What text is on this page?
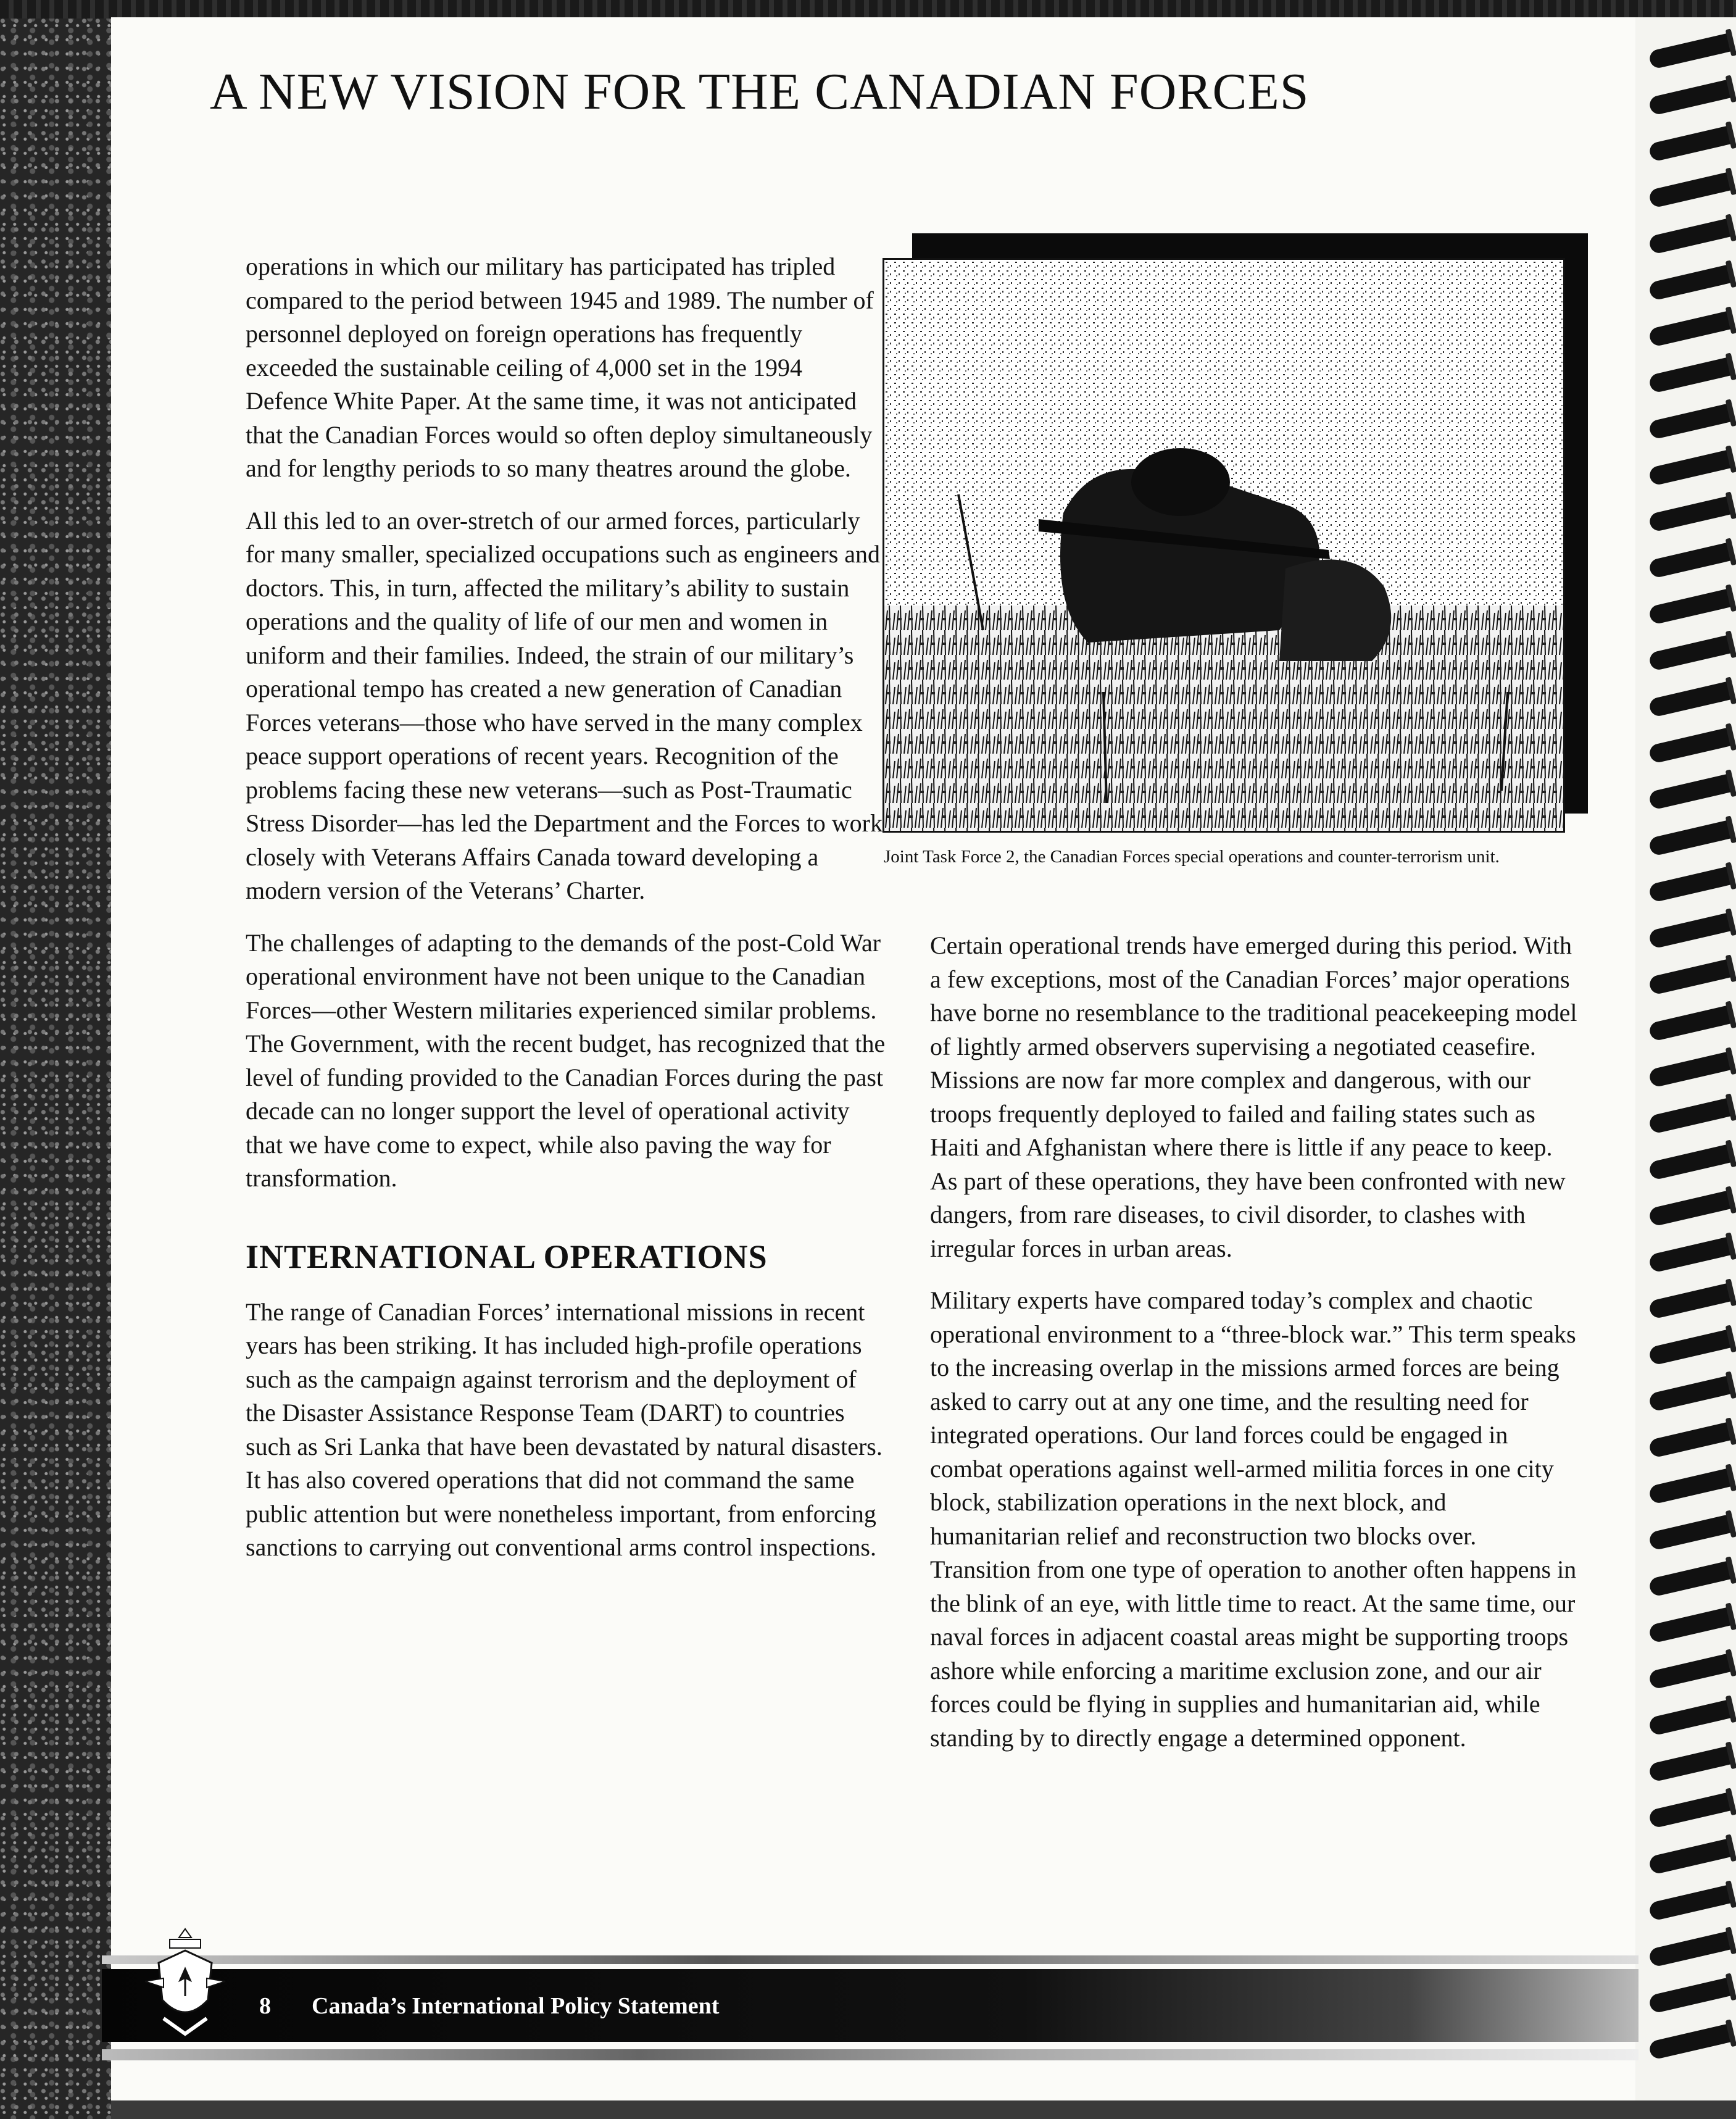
A NEW VISION FOR THE CANADIAN FORCES

operations in which our military has participated has tripled compared to the period between 1945 and 1989. The number of personnel deployed on foreign operations has frequently exceeded the sustainable ceiling of 4,000 set in the 1994 Defence White Paper. At the same time, it was not anticipated that the Canadian Forces would so often deploy simultaneously and for lengthy periods to so many theatres around the globe.

All this led to an over-stretch of our armed forces, particularly for many smaller, specialized occupations such as engineers and doctors. This, in turn, affected the military’s ability to sustain operations and the quality of life of our men and women in uniform and their families. Indeed, the strain of our military’s operational tempo has created a new generation of Canadian Forces veterans—those who have served in the many complex peace support operations of recent years. Recognition of the problems facing these new veterans—such as Post-Traumatic Stress Disorder—has led the Department and the Forces to work closely with Veterans Affairs Canada toward developing a modern version of the Veterans’ Charter.

The challenges of adapting to the demands of the post-Cold War operational environment have not been unique to the Canadian Forces—other Western militaries experienced similar problems. The Government, with the recent budget, has recognized that the level of funding provided to the Canadian Forces during the past decade can no longer support the level of operational activity that we have come to expect, while also paving the way for transformation.

INTERNATIONAL OPERATIONS

The range of Canadian Forces’ international missions in recent years has been striking. It has included high-profile operations such as the campaign against terrorism and the deployment of the Disaster Assistance Response Team (DART) to countries such as Sri Lanka that have been devastated by natural disasters. It has also covered operations that did not command the same public attention but were nonetheless important, from enforcing sanctions to carrying out conventional arms control inspections.

Joint Task Force 2, the Canadian Forces special operations and counter-terrorism unit.

Certain operational trends have emerged during this period. With a few exceptions, most of the Canadian Forces’ major operations have borne no resemblance to the traditional peacekeeping model of lightly armed observers supervising a negotiated ceasefire. Missions are now far more complex and dangerous, with our troops frequently deployed to failed and failing states such as Haiti and Afghanistan where there is little if any peace to keep. As part of these operations, they have been confronted with new dangers, from rare diseases, to civil disorder, to clashes with irregular forces in urban areas.

Military experts have compared today’s complex and chaotic operational environment to a “three-block war.” This term speaks to the increasing overlap in the missions armed forces are being asked to carry out at any one time, and the resulting need for integrated operations. Our land forces could be engaged in combat operations against well-armed militia forces in one city block, stabilization operations in the next block, and humanitarian relief and reconstruction two blocks over. Transition from one type of operation to another often happens in the blink of an eye, with little time to react. At the same time, our naval forces in adjacent coastal areas might be supporting troops ashore while enforcing a maritime exclusion zone, and our air forces could be flying in supplies and humanitarian aid, while standing by to directly engage a determined opponent.

8 Canada’s International Policy Statement
